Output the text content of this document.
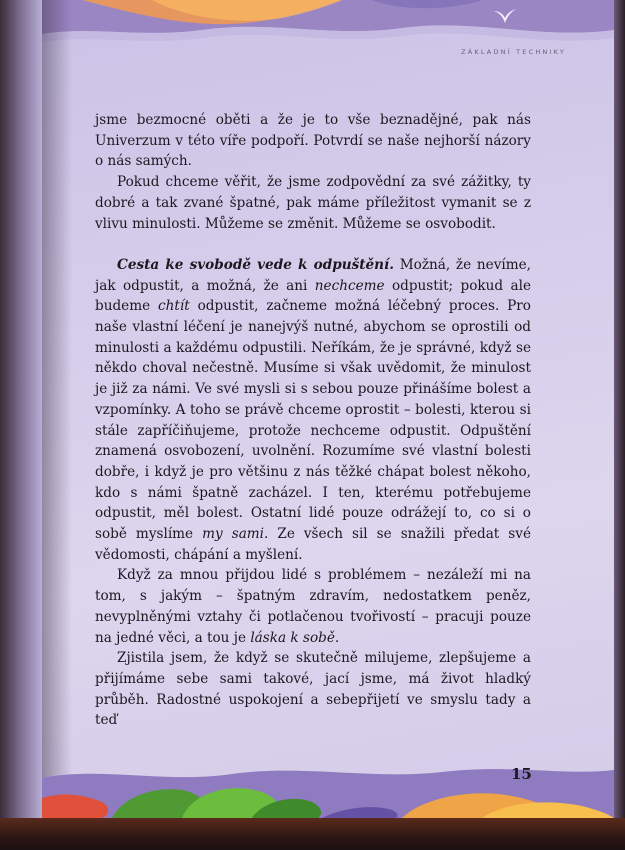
ZÁKLADNÍ TECHNIKY

jsme bezmocné oběti a že je to vše beznadějné, pak nás Univerzum v této víře podpoří. Potvrdí se naše nejhorší názory o nás samých.

Pokud chceme věřit, že jsme zodpovědní za své zážitky, ty dobré a tak zvané špatné, pak máme příležitost vymanit se z vlivu minulosti. Můžeme se změnit. Můžeme se osvobodit.

Cesta ke svobodě vede k odpuštění. Možná, že nevíme, jak odpustit, a možná, že ani nechceme odpustit; pokud ale budeme chtít odpustit, začneme možná léčebný proces. Pro naše vlastní léčení je nanejvýš nutné, abychom se oprostili od minulosti a každému odpustili. Neříkám, že je správné, když se někdo choval nečestně. Musíme si však uvědomit, že minulost je již za námi. Ve své mysli si s sebou pouze přinášíme bolest a vzpomínky. A toho se právě chceme oprostit – bolesti, kterou si stále zapříčiňujeme, protože nechceme odpustit. Odpuštění znamená osvobození, uvolnění. Rozumíme své vlastní bolesti dobře, i když je pro většinu z nás těžké chápat bolest někoho, kdo s námi špatně zacházel. I ten, kterému potřebujeme odpustit, měl bolest. Ostatní lidé pouze odrážejí to, co si o sobě myslíme my sami. Ze všech sil se snažili předat své vědomosti, chápání a myšlení.

Když za mnou přijdou lidé s problémem – nezáleží mi na tom, s jakým – špatným zdravím, nedostatkem peněz, nevyplněnými vztahy či potlačenou tvořivostí – pracuji pouze na jedné věci, a tou je láska k sobě.

Zjistila jsem, že když se skutečně milujeme, zlepšujeme a přijímáme sebe sami takové, jací jsme, má život hladký průběh. Radostné uspokojení a sebepřijetí ve smyslu tady a teď

15
